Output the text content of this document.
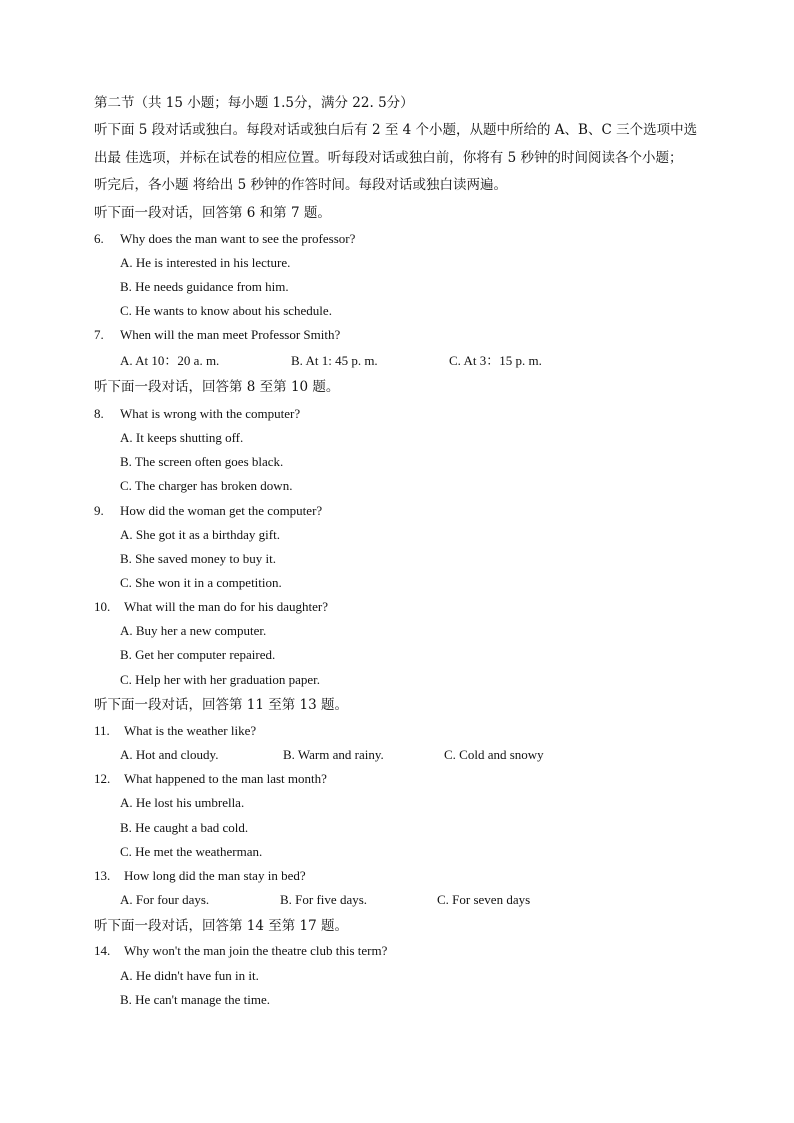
第二节（共 15 小题；每小题 1.5分，满分 22. 5分）
听下面 5 段对话或独白。每段对话或独白后有 2 至 4 个小题，从题中所给的 A、B、C 三个选项中选
出最 佳选项，并标在试卷的相应位置。听每段对话或独白前，你将有 5 秒钟的时间阅读各个小题；
听完后，各小题 将给出 5 秒钟的作答时间。每段对话或独白读两遍。
听下面一段对话，回答第 6 和第 7 题。
6. Why does the man want to see the professor?
A. He is interested in his lecture.
B. He needs guidance from him.
C. He wants to know about his schedule.
7. When will the man meet Professor Smith?
A. At 10：20 a. m.	B. At 1: 45 p. m.	C. At 3：15 p. m.
听下面一段对话，回答第 8 至第 10 题。
8. What is wrong with the computer?
A. It keeps shutting off.
B. The screen often goes black.
C. The charger has broken down.
9. How did the woman get the computer?
A. She got it as a birthday gift.
B. She saved money to buy it.
C. She won it in a competition.
10. What will the man do for his daughter?
A. Buy her a new computer.
B. Get her computer repaired.
C. Help her with her graduation paper.
听下面一段对话，回答第 11 至第 13 题。
11. What is the weather like?
A. Hot and cloudy.	B. Warm and rainy.	C. Cold and snowy
12. What happened to the man last month?
A. He lost his umbrella.
B. He caught a bad cold.
C. He met the weatherman.
13. How long did the man stay in bed?
A. For four days.	B. For five days.	C. For seven days
听下面一段对话，回答第 14 至第 17 题。
14. Why won't the man join the theatre club this term?
A. He didn't have fun in it.
B. He can't manage the time.
